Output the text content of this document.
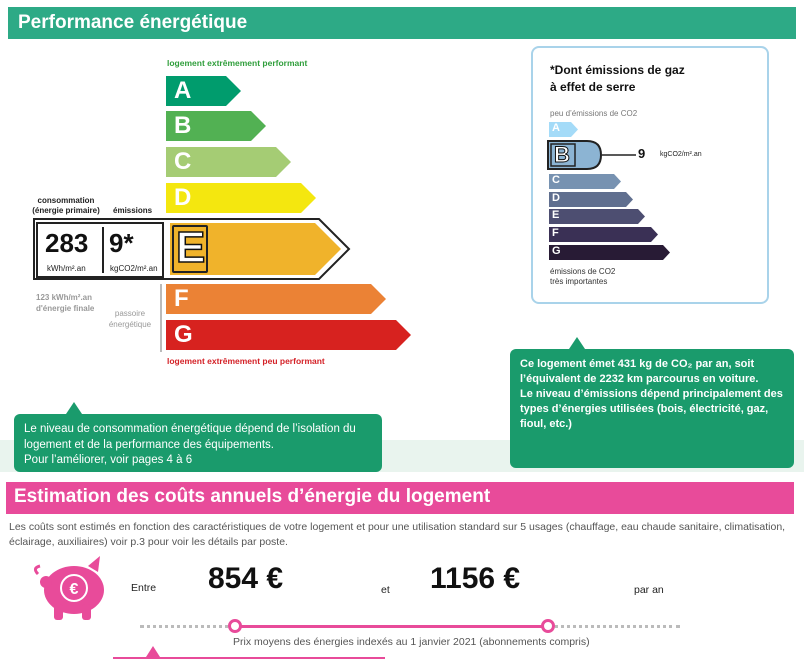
Performance énergétique
logement extrêmement performant
A
B
C
D
E
consommation
(énergie primaire)	émissions
283 9*
kWh/m².an	kgCO2/m².an
123 kWh/m².an
d'énergie finale
passoire
énergétique
F
G
logement extrêmement peu performant
*Dont émissions de gaz
à effet de serre
peu d’émissions de CO2
A
B	9 kgCO2/m².an
C
D
E
F
G
émissions de CO2
très importantes
Le niveau de consommation énergétique dépend de l’isolation du logement et de la performance des équipements.
Pour l’améliorer, voir pages 4 à 6
Ce logement émet 431 kg de CO₂ par an, soit l’équivalent de 2232 km parcourus en voiture.
Le niveau d’émissions dépend principalement des types d’énergies utilisées (bois, électricité, gaz, fioul, etc.)
Estimation des coûts annuels d’énergie du logement
Les coûts sont estimés en fonction des caractéristiques de votre logement et pour une utilisation standard sur 5 usages (chauffage, eau chaude sanitaire, climatisation, éclairage, auxiliaires) voir p.3 pour voir les détails par poste.
€	Entre 854 €	et 1156 €	par an
Prix moyens des énergies indexés au 1 janvier 2021 (abonnements compris)
